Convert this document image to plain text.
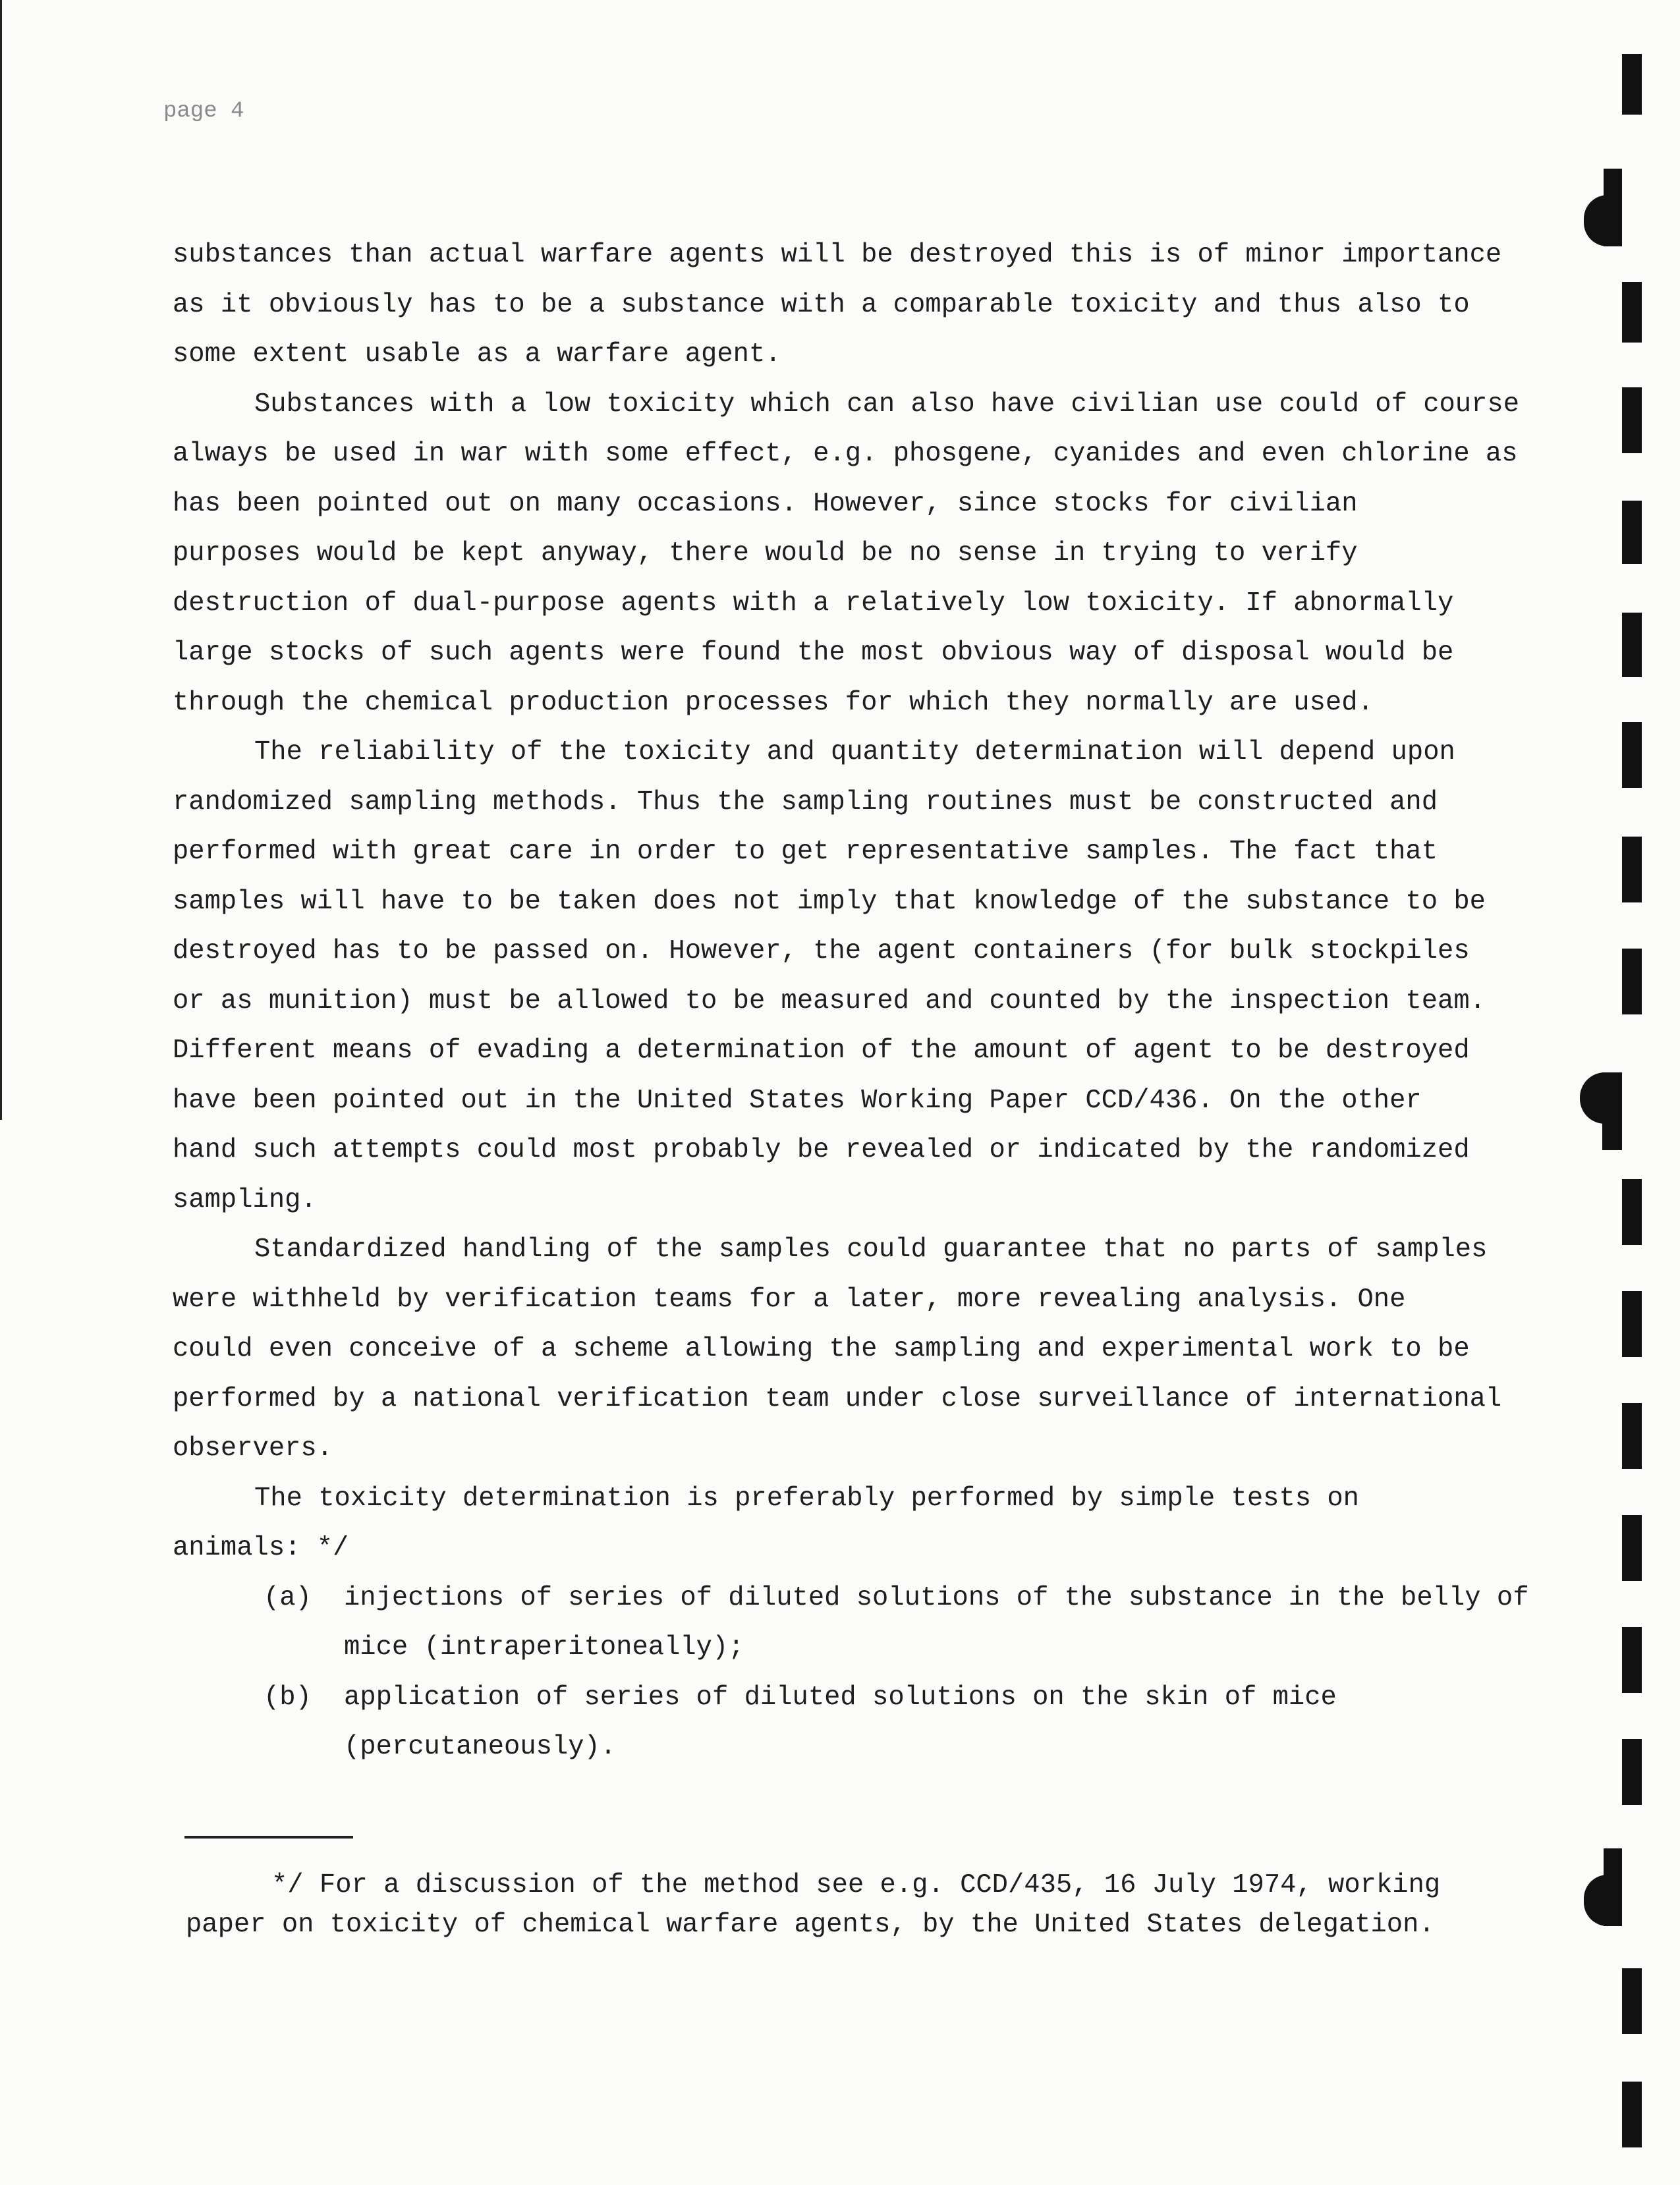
page 4
substances than actual warfare agents will be destroyed this is of minor importance
as it obviously has to be a substance with a comparable toxicity and thus also to
some extent usable as a warfare agent.
Substances with a low toxicity which can also have civilian use could of course
always be used in war with some effect, e.g. phosgene, cyanides and even chlorine as
has been pointed out on many occasions. However, since stocks for civilian
purposes would be kept anyway, there would be no sense in trying to verify
destruction of dual-purpose agents with a relatively low toxicity. If abnormally
large stocks of such agents were found the most obvious way of disposal would be
through the chemical production processes for which they normally are used.
The reliability of the toxicity and quantity determination will depend upon
randomized sampling methods. Thus the sampling routines must be constructed and
performed with great care in order to get representative samples. The fact that
samples will have to be taken does not imply that knowledge of the substance to be
destroyed has to be passed on. However, the agent containers (for bulk stockpiles
or as munition) must be allowed to be measured and counted by the inspection team.
Different means of evading a determination of the amount of agent to be destroyed
have been pointed out in the United States Working Paper CCD/436. On the other
hand such attempts could most probably be revealed or indicated by the randomized
sampling.
Standardized handling of the samples could guarantee that no parts of samples
were withheld by verification teams for a later, more revealing analysis. One
could even conceive of a scheme allowing the sampling and experimental work to be
performed by a national verification team under close surveillance of international
observers.
The toxicity determination is preferably performed by simple tests on
animals: */
(a) injections of series of diluted solutions of the substance in the belly of
mice (intraperitoneally);
(b) application of series of diluted solutions on the skin of mice
(percutaneously).
*/ For a discussion of the method see e.g. CCD/435, 16 July 1974, working
paper on toxicity of chemical warfare agents, by the United States delegation.
